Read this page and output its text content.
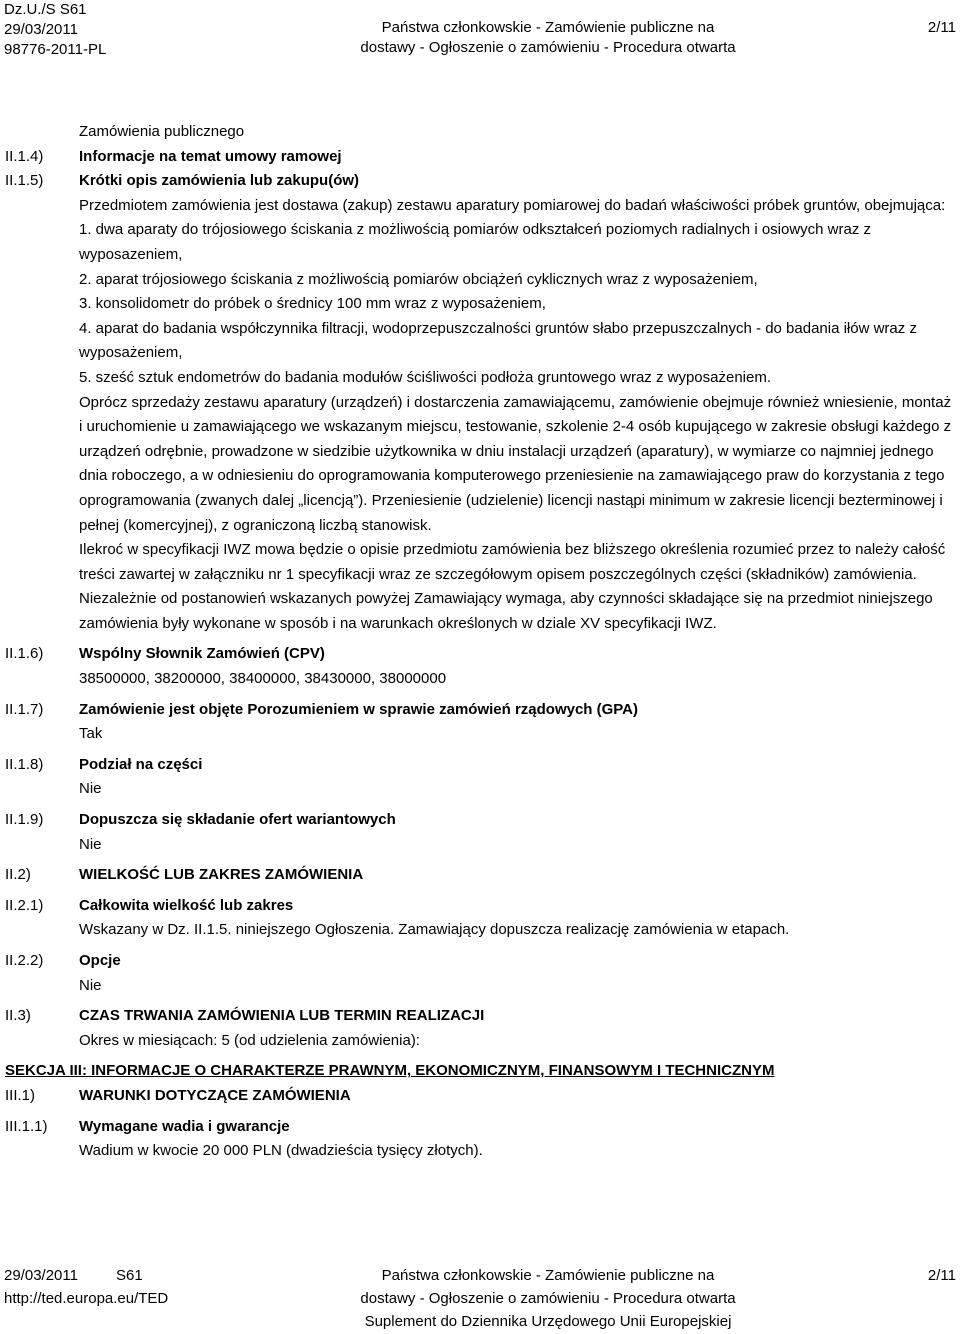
Dz.U./S S61
29/03/2011
98776-2011-PL
Państwa członkowskie - Zamówienie publiczne na
dostawy - Ogłoszenie o zamówieniu - Procedura otwarta
2/11
Zamówienia publicznego
II.1.4) Informacje na temat umowy ramowej
II.1.5) Krótki opis zamówienia lub zakupu(ów)
Przedmiotem zamówienia jest dostawa (zakup) zestawu aparatury pomiarowej do badań właściwości próbek gruntów, obejmująca:
1. dwa aparaty do trójosiowego ściskania z możliwością pomiarów odkształceń poziomych radialnych i osiowych wraz z wyposazeniem,
2. aparat trójosiowego ściskania z możliwością pomiarów obciążeń cyklicznych wraz z wyposażeniem,
3. konsolidometr do próbek o średnicy 100 mm wraz z wyposażeniem,
4. aparat do badania współczynnika filtracji, wodoprzepuszczalności gruntów słabo przepuszczalnych - do badania iłów wraz z wyposażeniem,
5. sześć sztuk endometrów do badania modułów ściśliwości podłoża gruntowego wraz z wyposażeniem.
Oprócz sprzedaży zestawu aparatury (urządzeń) i dostarczenia zamawiającemu, zamówienie obejmuje również wniesienie, montaż i uruchomienie u zamawiającego we wskazanym miejscu, testowanie, szkolenie 2-4 osób kupującego w zakresie obsługi każdego z urządzeń odrębnie, prowadzone w siedzibie użytkownika w dniu instalacji urządzeń (aparatury), w wymiarze co najmniej jednego dnia roboczego, a w odniesieniu do oprogramowania komputerowego przeniesienie na zamawiającego praw do korzystania z tego oprogramowania (zwanych dalej „licencją”). Przeniesienie (udzielenie) licencji nastąpi minimum w zakresie licencji bezterminowej i pełnej (komercyjnej), z ograniczoną liczbą stanowisk.
Ilekroć w specyfikacji IWZ mowa będzie o opisie przedmiotu zamówienia bez bliższego określenia rozumieć przez to należy całość treści zawartej w załączniku nr 1 specyfikacji wraz ze szczegółowym opisem poszczególnych części (składników) zamówienia. Niezależnie od postanowień wskazanych powyżej Zamawiający wymaga, aby czynności składające się na przedmiot niniejszego zamówienia były wykonane w sposób i na warunkach określonych w dziale XV specyfikacji IWZ.
II.1.6) Wspólny Słownik Zamówień (CPV)
38500000, 38200000, 38400000, 38430000, 38000000
II.1.7) Zamówienie jest objęte Porozumieniem w sprawie zamówień rządowych (GPA)
Tak
II.1.8) Podział na części
Nie
II.1.9) Dopuszcza się składanie ofert wariantowych
Nie
II.2)	WIELKOŚĆ LUB ZAKRES ZAMÓWIENIA
II.2.1) Całkowita wielkość lub zakres
Wskazany w Dz. II.1.5. niniejszego Ogłoszenia. Zamawiający dopuszcza realizację zamówienia w etapach.
II.2.2) Opcje
Nie
II.3)	CZAS TRWANIA ZAMÓWIENIA LUB TERMIN REALIZACJI
Okres w miesiącach: 5 (od udzielenia zamówienia):
SEKCJA III: INFORMACJE O CHARAKTERZE PRAWNYM, EKONOMICZNYM, FINANSOWYM I TECHNICZNYM
III.1)	WARUNKI DOTYCZĄCE ZAMÓWIENIA
III.1.1) Wymagane wadia i gwarancje
Wadium w kwocie 20 000 PLN (dwadzieścia tysięcy złotych).
29/03/2011	S61
http://ted.europa.eu/TED
Państwa członkowskie - Zamówienie publiczne na
dostawy - Ogłoszenie o zamówieniu - Procedura otwarta
Suplement do Dziennika Urzędowego Unii Europejskiej
2/11
